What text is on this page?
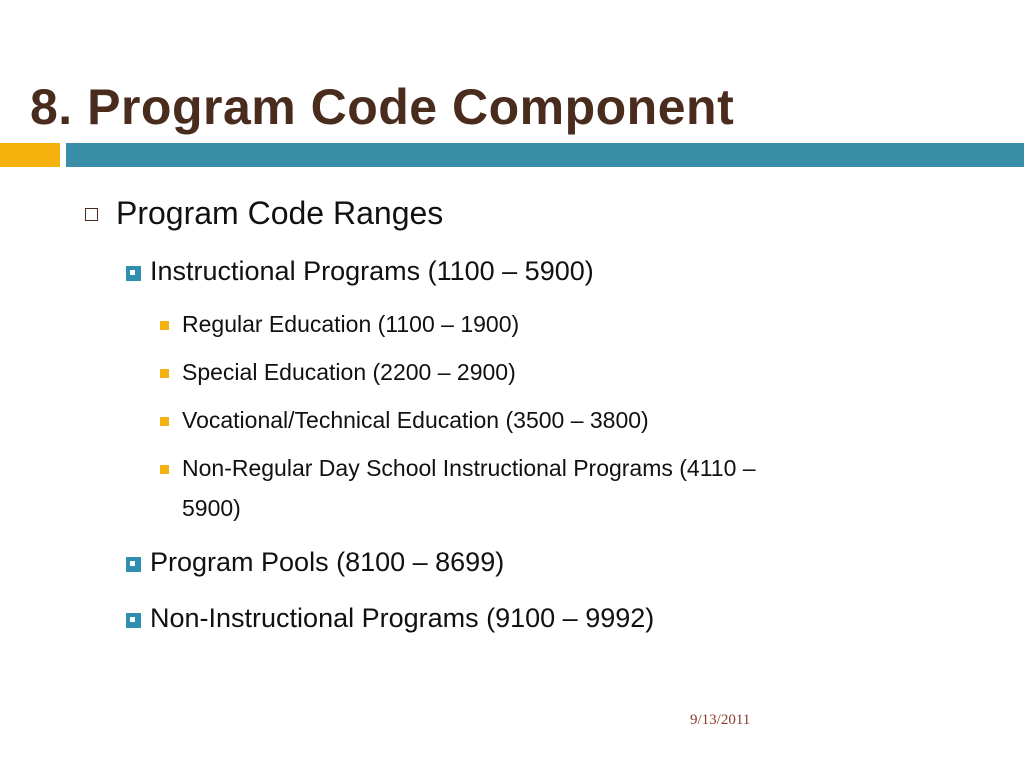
8. Program Code Component
Program Code Ranges
Instructional Programs (1100 – 5900)
Regular Education (1100 – 1900)
Special Education (2200 – 2900)
Vocational/Technical Education (3500 – 3800)
Non-Regular Day School Instructional Programs (4110 –
5900)
Program Pools (8100 – 8699)
Non-Instructional Programs (9100 – 9992)
9/13/2011
